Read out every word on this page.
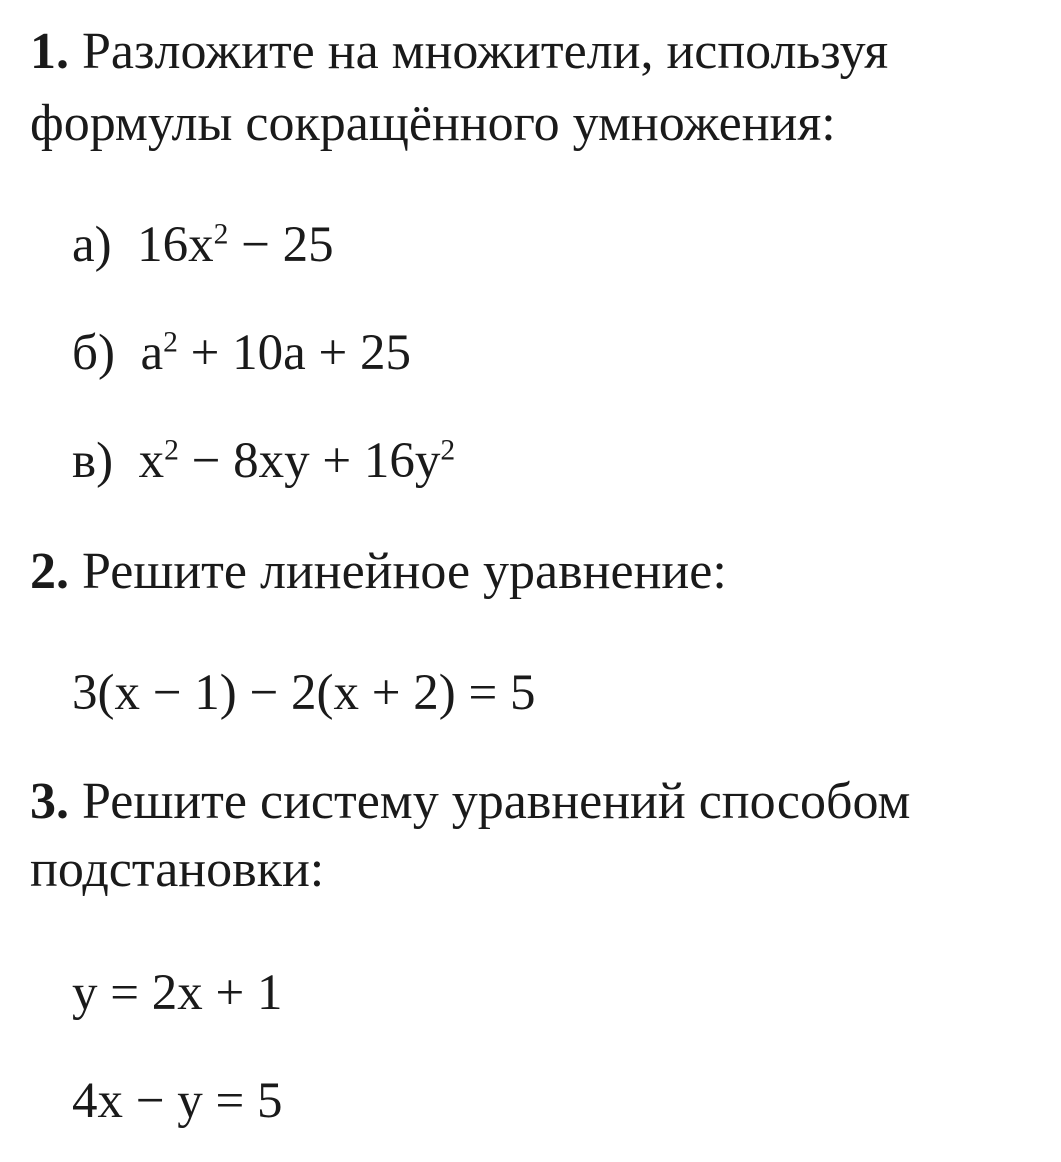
1. Разложите на множители, используя
формулы сокращённого умножения:
а) $16x^2 - 25$
б) $a^2 + 10a + 25$
в) $x^2 - 8xy + 16y^2$
2. Решите линейное уравнение:
3(x − 1) − 2(x + 2) = 5
3. Решите систему уравнений способом
подстановки:
y = 2x + 1
4x − y = 5
